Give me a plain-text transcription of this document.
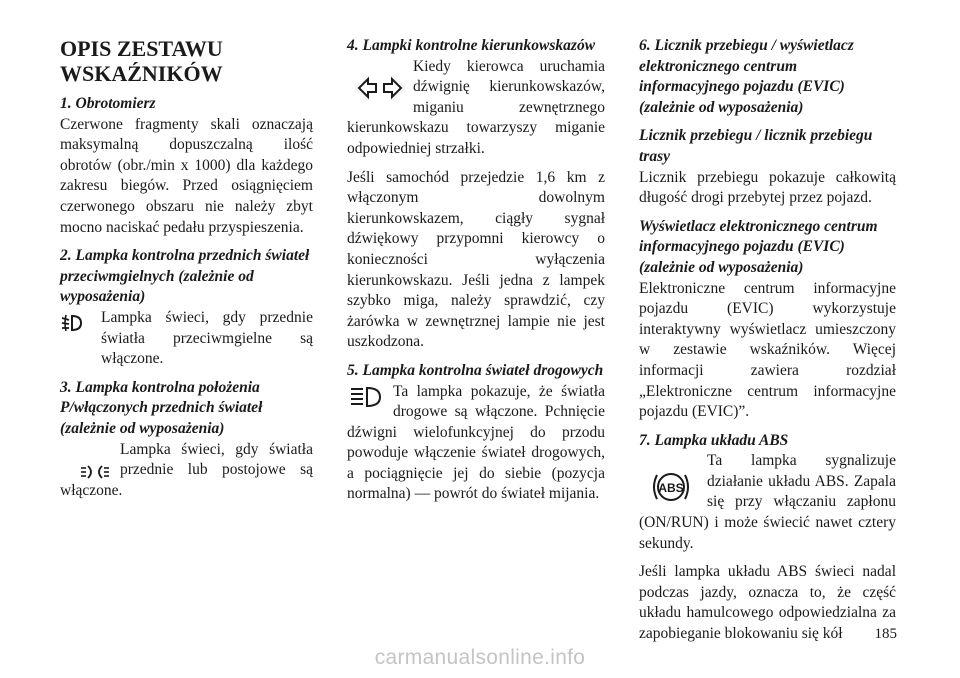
OPIS ZESTAWU WSKAŹNIKÓW
1. Obrotomierz

Czerwone fragmenty skali oznaczają maksymalną dopuszczalną ilość obrotów (obr./min x 1000) dla każdego zakresu biegów. Przed osiągnięciem czerwonego obszaru nie należy zbyt mocno naciskać pedału przyspieszenia.

2. Lampka kontrolna przednich świateł przeciwmgielnych (zależnie od wyposażenia)

Lampka świeci, gdy przednie światła przeciwmgielne są włączone.

3. Lampka kontrolna położenia P/włączonych przednich świateł (zależnie od wyposażenia)

Lampka świeci, gdy światła przednie lub postojowe są włączone.

4. Lampki kontrolne kierunkowskazów

Kiedy kierowca uruchamia dźwignię kierunkowskazów, miganiu zewnętrznego kierunkowskazu towarzyszy miganie odpowiedniej strzałki.

Jeśli samochód przejedzie 1,6 km z włączonym dowolnym kierunkowskazem, ciągły sygnał dźwiękowy przypomni kierowcy o konieczności wyłączenia kierunkowskazu. Jeśli jedna z lampek szybko miga, należy sprawdzić, czy żarówka w zewnętrznej lampie nie jest uszkodzona.

5. Lampka kontrolna świateł drogowych

Ta lampka pokazuje, że światła drogowe są włączone. Pchnięcie dźwigni wielofunkcyjnej do przodu powoduje włączenie świateł drogowych, a pociągnięcie jej do siebie (pozycja normalna) — powrót do świateł mijania.

6. Licznik przebiegu / wyświetlacz elektronicznego centrum informacyjnego pojazdu (EVIC) (zależnie od wyposażenia)
Licznik przebiegu / licznik przebiegu trasy

Licznik przebiegu pokazuje całkowitą długość drogi przebytej przez pojazd.

Wyświetlacz elektronicznego centrum informacyjnego pojazdu (EVIC) (zależnie od wyposażenia)

Elektroniczne centrum informacyjne pojazdu (EVIC) wykorzystuje interaktywny wyświetlacz umieszczony w zestawie wskaźników. Więcej informacji zawiera rozdział „Elektroniczne centrum informacyjne pojazdu (EVIC)”.

7. Lampka układu ABS
ABS

Ta lampka sygnalizuje działanie układu ABS. Zapala się przy włączaniu zapłonu (ON/RUN) i może świecić nawet cztery sekundy.

Jeśli lampka układu ABS świeci nadal podczas jazdy, oznacza to, że część układu hamulcowego odpowiedzialna za zapobieganie blokowaniu się kół	185
carmanualsonline.info
